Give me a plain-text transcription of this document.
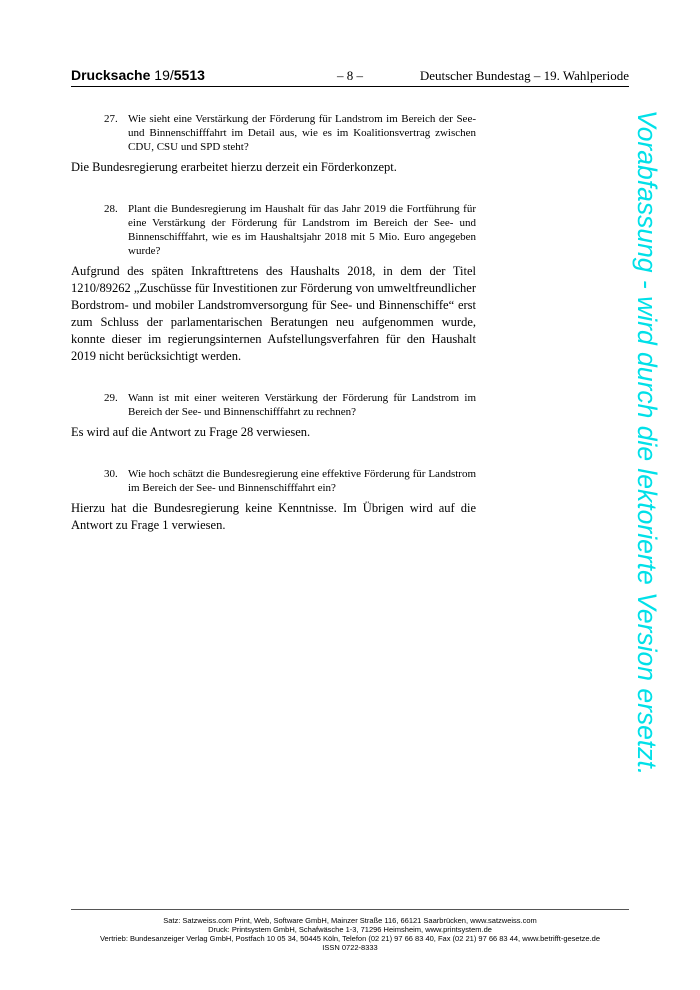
Drucksache 19/5513	– 8 –	Deutscher Bundestag – 19. Wahlperiode
27. Wie sieht eine Verstärkung der Förderung für Landstrom im Bereich der See- und Binnenschifffahrt im Detail aus, wie es im Koalitionsvertrag zwischen CDU, CSU und SPD steht?
Die Bundesregierung erarbeitet hierzu derzeit ein Förderkonzept.
28. Plant die Bundesregierung im Haushalt für das Jahr 2019 die Fortführung für eine Verstärkung der Förderung für Landstrom im Bereich der See- und Binnenschifffahrt, wie es im Haushaltsjahr 2018 mit 5 Mio. Euro angegeben wurde?
Aufgrund des späten Inkrafttretens des Haushalts 2018, in dem der Titel 1210/89262 „Zuschüsse für Investitionen zur Förderung von umweltfreundlicher Bordstrom- und mobiler Landstromversorgung für See- und Binnenschiffe“ erst zum Schluss der parlamentarischen Beratungen neu aufgenommen wurde, konnte dieser im regierungsinternen Aufstellungsverfahren für den Haushalt 2019 nicht berücksichtigt werden.
29. Wann ist mit einer weiteren Verstärkung der Förderung für Landstrom im Bereich der See- und Binnenschifffahrt zu rechnen?
Es wird auf die Antwort zu Frage 28 verwiesen.
30. Wie hoch schätzt die Bundesregierung eine effektive Förderung für Landstrom im Bereich der See- und Binnenschifffahrt ein?
Hierzu hat die Bundesregierung keine Kenntnisse. Im Übrigen wird auf die Antwort zu Frage 1 verwiesen.	Vorabfassung - wird durch die lektorierte Version ersetzt.
Satz: Satzweiss.com Print, Web, Software GmbH, Mainzer Straße 116, 66121 Saarbrücken, www.satzweiss.com
Druck: Printsystem GmbH, Schafwäsche 1-3, 71296 Heimsheim, www.printsystem.de
Vertrieb: Bundesanzeiger Verlag GmbH, Postfach 10 05 34, 50445 Köln, Telefon (02 21) 97 66 83 40, Fax (02 21) 97 66 83 44, www.betrifft-gesetze.de
ISSN 0722-8333
